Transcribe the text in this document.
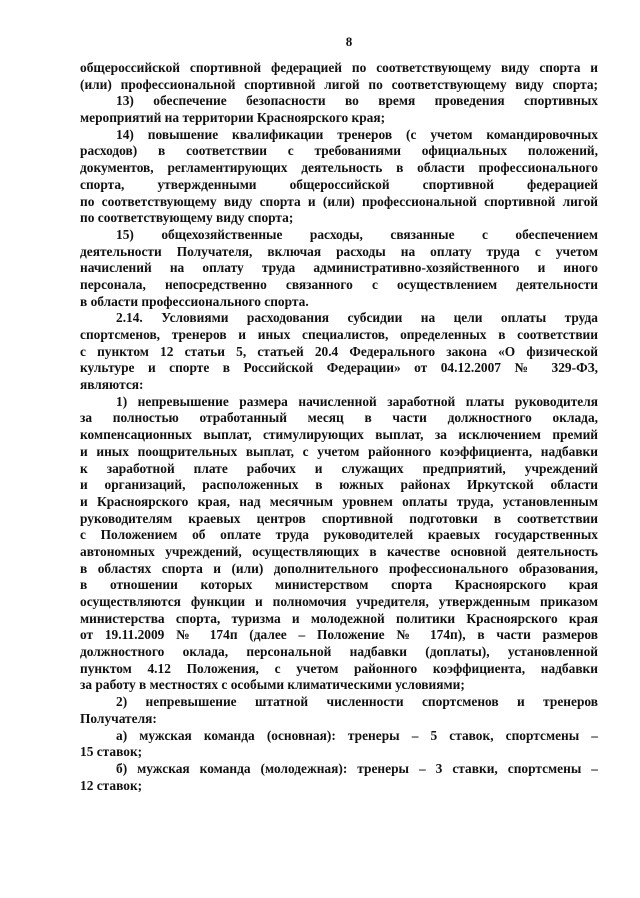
8
общероссийской спортивной федерацией по соответствующему виду спорта и
(или) профессиональной спортивной лигой по соответствующему виду спорта;
13) обеспечение безопасности во время проведения спортивных
мероприятий на территории Красноярского края;
14) повышение квалификации тренеров (с учетом командировочных
расходов) в соответствии с требованиями официальных положений,
документов, регламентирующих деятельность в области профессионального
спорта, утвержденными общероссийской спортивной федерацией
по соответствующему виду спорта и (или) профессиональной спортивной лигой
по соответствующему виду спорта;
15) общехозяйственные расходы, связанные с обеспечением
деятельности Получателя, включая расходы на оплату труда с учетом
начислений на оплату труда административно-хозяйственного и иного
персонала, непосредственно связанного с осуществлением деятельности
в области профессионального спорта.
2.14. Условиями расходования субсидии на цели оплаты труда
спортсменов, тренеров и иных специалистов, определенных в соответствии
с пунктом 12 статьи 5, статьей 20.4 Федерального закона «О физической
культуре и спорте в Российской Федерации» от 04.12.2007 № 329-ФЗ,
являются:
1) непревышение размера начисленной заработной платы руководителя
за полностью отработанный месяц в части должностного оклада,
компенсационных выплат, стимулирующих выплат, за исключением премий
и иных поощрительных выплат, с учетом районного коэффициента, надбавки
к заработной плате рабочих и служащих предприятий, учреждений
и организаций, расположенных в южных районах Иркутской области
и Красноярского края, над месячным уровнем оплаты труда, установленным
руководителям краевых центров спортивной подготовки в соответствии
с Положением об оплате труда руководителей краевых государственных
автономных учреждений, осуществляющих в качестве основной деятельность
в областях спорта и (или) дополнительного профессионального образования,
в отношении которых министерством спорта Красноярского края
осуществляются функции и полномочия учредителя, утвержденным приказом
министерства спорта, туризма и молодежной политики Красноярского края
от 19.11.2009 № 174п (далее – Положение № 174п), в части размеров
должностного оклада, персональной надбавки (доплаты), установленной
пунктом 4.12 Положения, с учетом районного коэффициента, надбавки
за работу в местностях с особыми климатическими условиями;
2) непревышение штатной численности спортсменов и тренеров
Получателя:
а) мужская команда (основная): тренеры – 5 ставок, спортсмены –
15 ставок;
б) мужская команда (молодежная): тренеры – 3 ставки, спортсмены –
12 ставок;
